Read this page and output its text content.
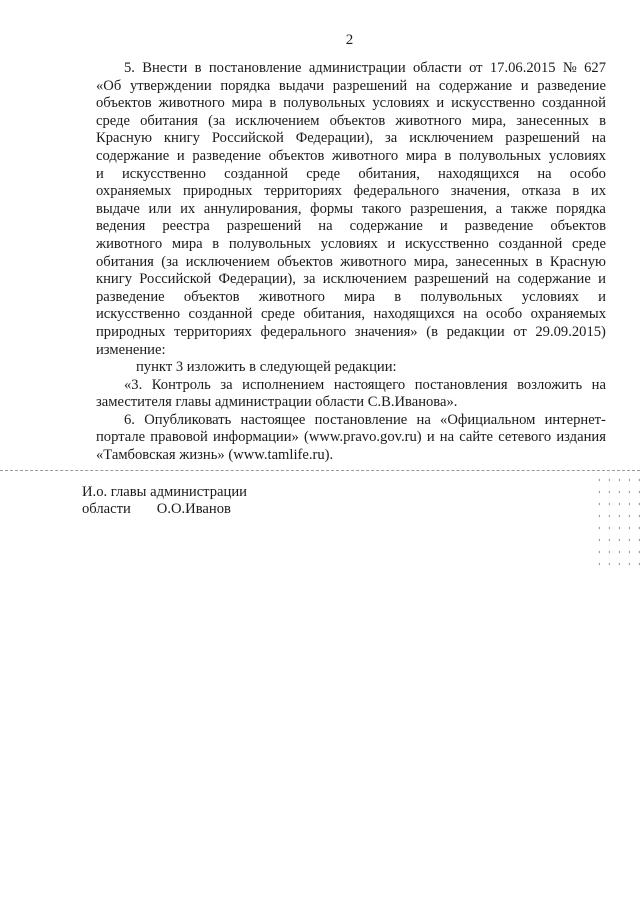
2
5. Внести в постановление администрации области от 17.06.2015 № 627
«Об утверждении порядка выдачи разрешений на содержание и разведение
объектов животного мира в полувольных условиях и искусственно созданной
среде обитания (за исключением объектов животного мира, занесенных в
Красную книгу Российской Федерации), за исключением разрешений на
содержание и разведение объектов животного мира в полувольных условиях
и искусственно созданной среде обитания, находящихся на особо
охраняемых природных территориях федерального значения, отказа в их
выдаче или их аннулирования, формы такого разрешения, а также порядка
ведения реестра разрешений на содержание и разведение объектов
животного мира в полувольных условиях и искусственно созданной среде
обитания (за исключением объектов животного мира, занесенных в Красную
книгу Российской Федерации), за исключением разрешений на содержание и
разведение объектов животного мира в полувольных условиях и
искусственно созданной среде обитания, находящихся на особо охраняемых
природных территориях федерального значения» (в редакции от 29.09.2015)
изменение:
пункт 3 изложить в следующей редакции:
«3. Контроль за исполнением настоящего постановления возложить на
заместителя главы администрации области С.В.Иванова».
6. Опубликовать настоящее постановление на «Официальном интернет-
портале правовой информации» (www.pravo.gov.ru) и на сайте сетевого издания
«Тамбовская жизнь» (www.tamlife.ru).
И.о. главы администрации
области О.О.Иванов
